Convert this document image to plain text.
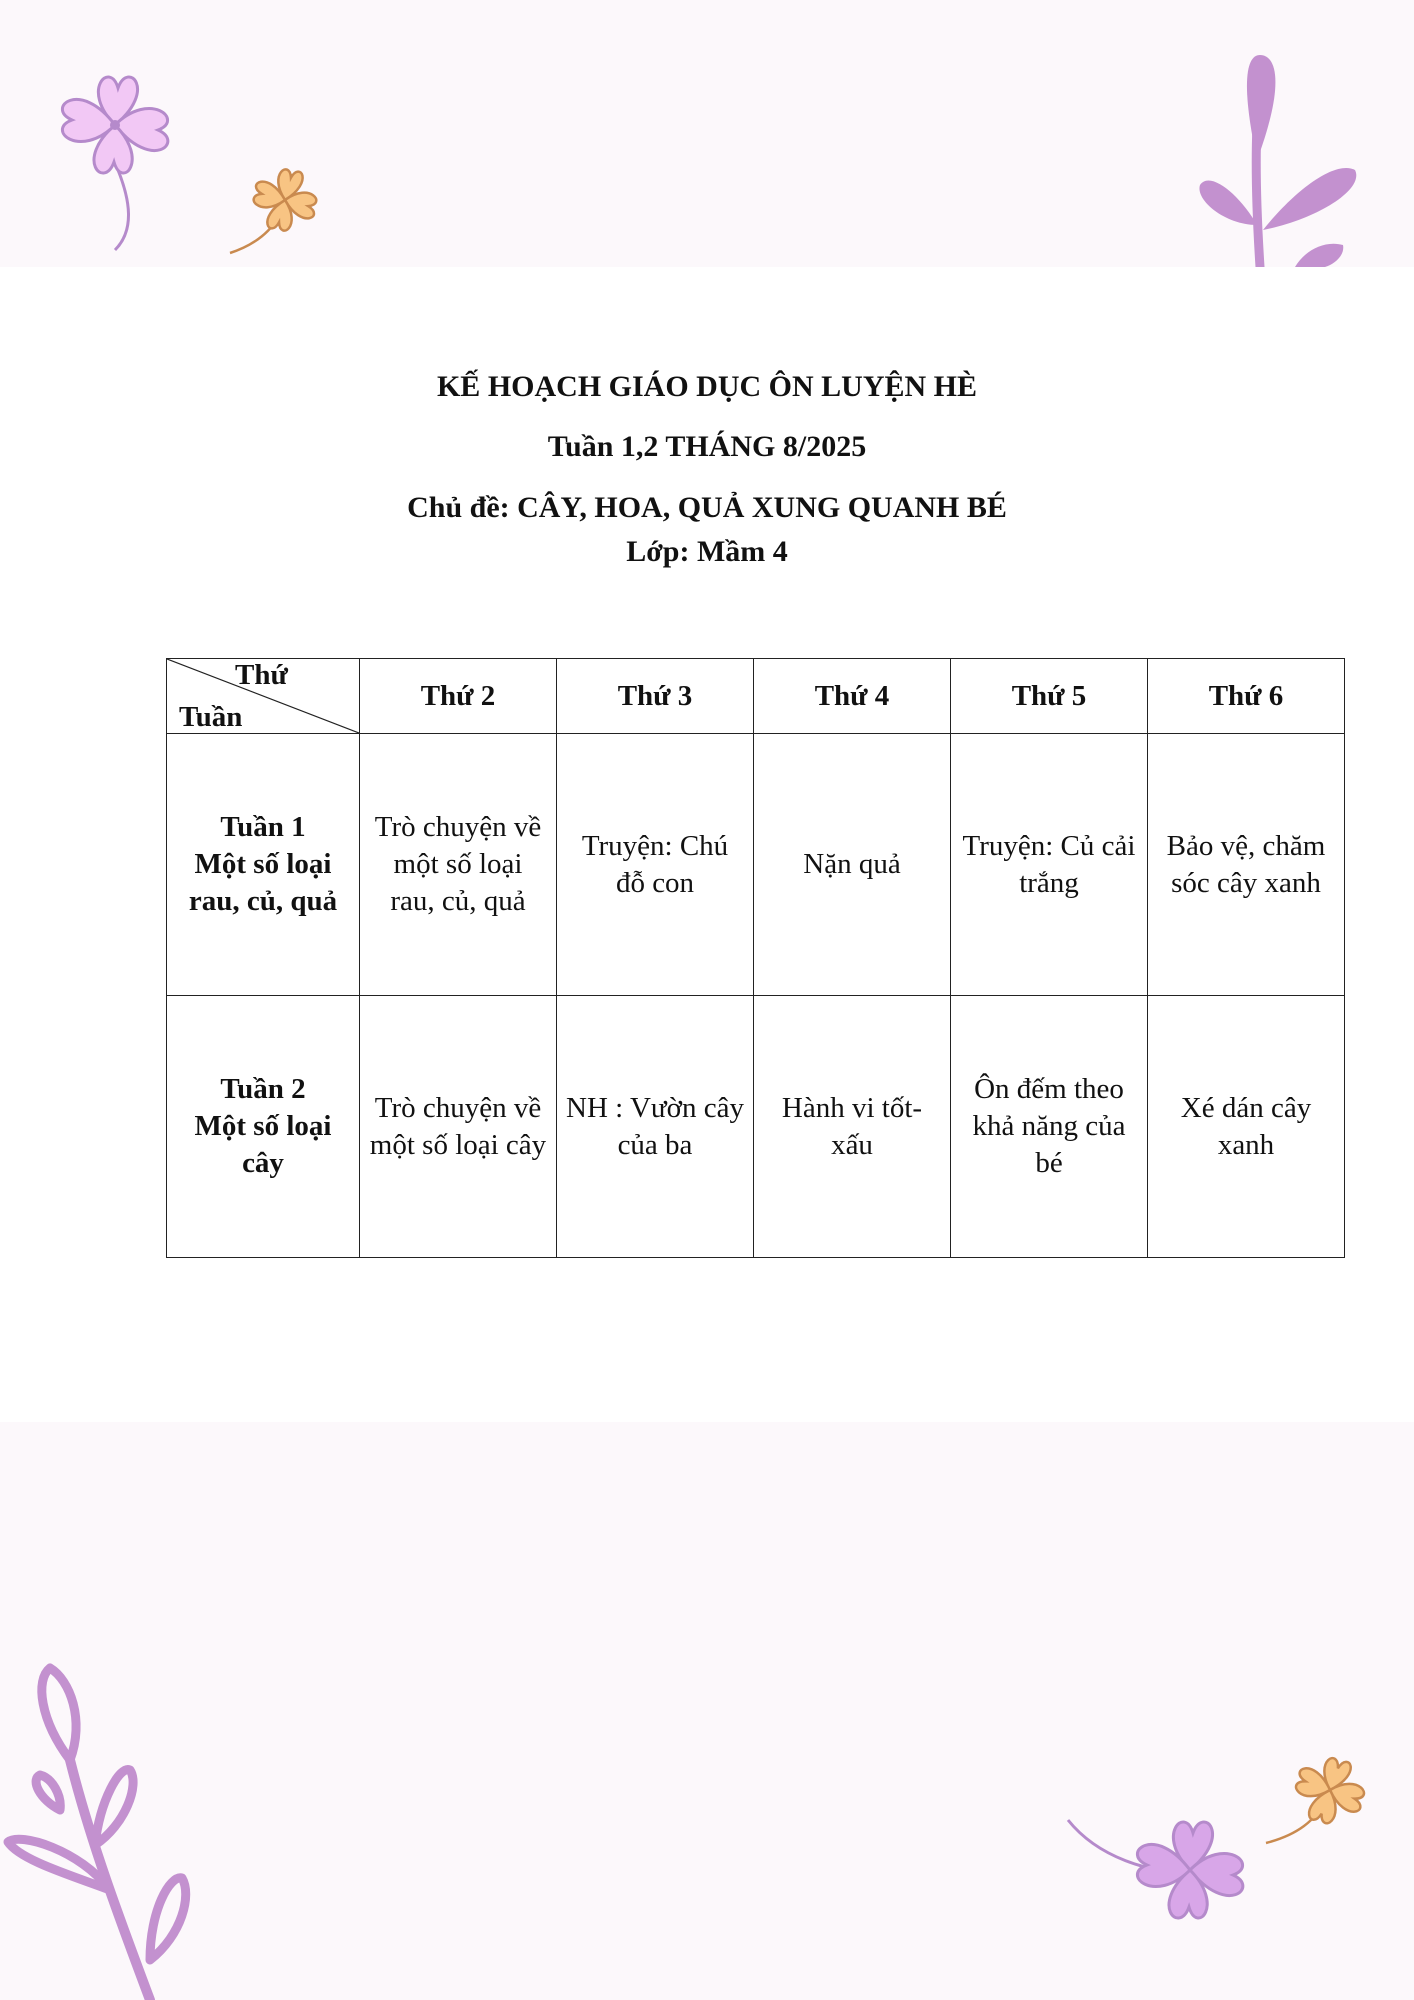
KẾ HOẠCH GIÁO DỤC ÔN LUYỆN HÈ
Tuần 1,2 THÁNG 8/2025
Chủ đề: CÂY, HOA, QUẢ XUNG QUANH BÉ
Lớp: Mầm 4
Thứ
Tuần	Thứ 2	Thứ 3	Thứ 4	Thứ 5	Thứ 6

Tuần 1
Một số loại rau, củ, quả	Trò chuyện về một số loại rau, củ, quả	Truyện: Chú đỗ con	Nặn quả	Truyện: Củ cải trắng	Bảo vệ, chăm sóc cây xanh

Tuần 2
Một số loại cây	Trò chuyện về một số loại cây	NH : Vườn cây của ba	Hành vi tốt- xấu	Ôn đếm theo khả năng của bé	Xé dán cây xanh
